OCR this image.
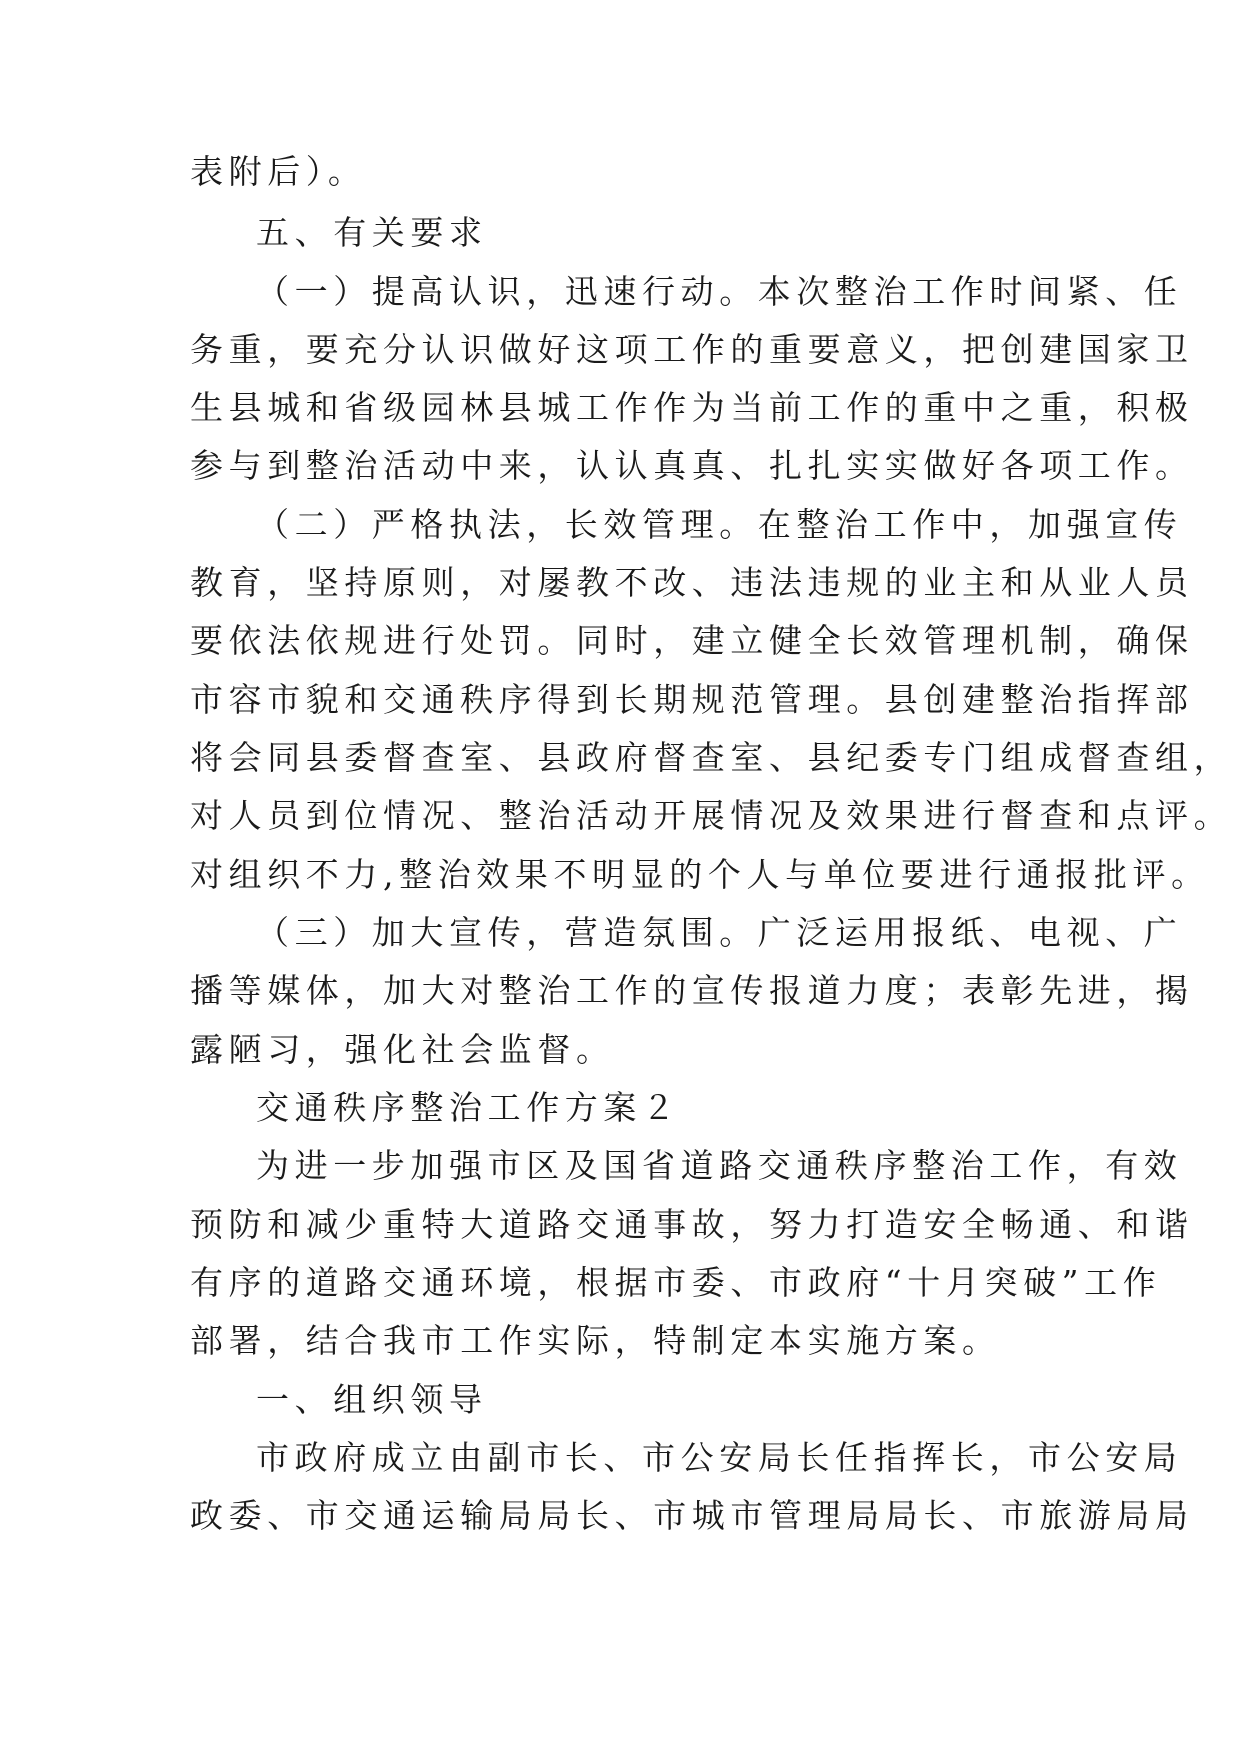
表附后）。
五、有关要求
（一）提高认识，迅速行动。本次整治工作时间紧、任
务重，要充分认识做好这项工作的重要意义，把创建国家卫
生县城和省级园林县城工作作为当前工作的重中之重，积极
参与到整治活动中来，认认真真、扎扎实实做好各项工作。
（二）严格执法，长效管理。在整治工作中，加强宣传
教育，坚持原则，对屡教不改、违法违规的业主和从业人员
要依法依规进行处罚。同时，建立健全长效管理机制，确保
市容市貌和交通秩序得到长期规范管理。县创建整治指挥部
将会同县委督查室、县政府督查室、县纪委专门组成督查组，
对人员到位情况、整治活动开展情况及效果进行督查和点评。
对组织不力,整治效果不明显的个人与单位要进行通报批评。
（三）加大宣传，营造氛围。广泛运用报纸、电视、广
播等媒体，加大对整治工作的宣传报道力度；表彰先进，揭
露陋习，强化社会监督。
交通秩序整治工作方案２
为进一步加强市区及国省道路交通秩序整治工作，有效
预防和减少重特大道路交通事故，努力打造安全畅通、和谐
有序的道路交通环境，根据市委、市政府“十月突破”工作
部署，结合我市工作实际，特制定本实施方案。
一、组织领导
市政府成立由副市长、市公安局长任指挥长，市公安局
政委、市交通运输局局长、市城市管理局局长、市旅游局局
